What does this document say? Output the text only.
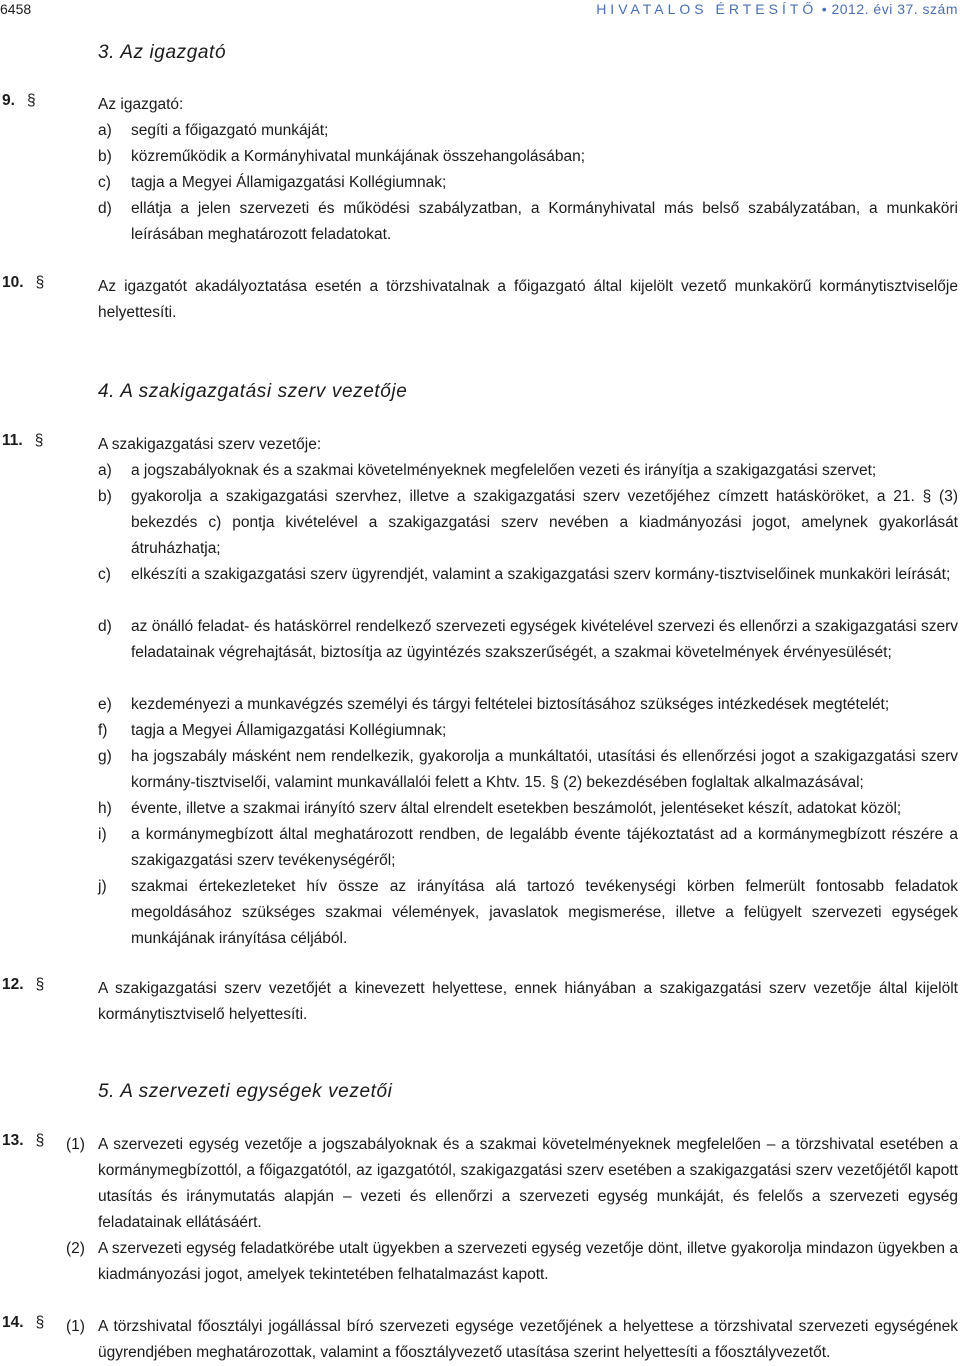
6458	HIVATALOS ÉRTESÍTŐ • 2012. évi 37. szám
3. Az igazgató
9. §	Az igazgató:
a) segíti a főigazgató munkáját;
b) közreműködik a Kormányhivatal munkájának összehangolásában;
c) tagja a Megyei Államigazgatási Kollégiumnak;
d) ellátja a jelen szervezeti és működési szabályzatban, a Kormányhivatal más belső szabályzatában, a munkaköri leírásában meghatározott feladatokat.
10. §	Az igazgatót akadályoztatása esetén a törzshivatalnak a főigazgató által kijelölt vezető munkakörű kormánytisztviselője helyettesíti.
4. A szakigazgatási szerv vezetője
11. §	A szakigazgatási szerv vezetője:
a) a jogszabályoknak és a szakmai követelményeknek megfelelően vezeti és irányítja a szakigazgatási szervet;
b) gyakorolja a szakigazgatási szervhez, illetve a szakigazgatási szerv vezetőjéhez címzett hatásköröket, a 21. § (3) bekezdés c) pontja kivételével a szakigazgatási szerv nevében a kiadmányozási jogot, amelynek gyakorlását átruházhatja;
c) elkészíti a szakigazgatási szerv ügyrendjét, valamint a szakigazgatási szerv kormány-tisztviselőinek munkaköri leírását;
d) az önálló feladat- és hatáskörrel rendelkező szervezeti egységek kivételével szervezi és ellenőrzi a szakigazgatási szerv feladatainak végrehajtását, biztosítja az ügyintézés szakszerűségét, a szakmai követelmények érvényesülését;
e) kezdeményezi a munkavégzés személyi és tárgyi feltételei biztosításához szükséges intézkedések megtételét;
f) tagja a Megyei Államigazgatási Kollégiumnak;
g) ha jogszabály másként nem rendelkezik, gyakorolja a munkáltatói, utasítási és ellenőrzési jogot a szakigazgatási szerv kormány-tisztviselői, valamint munkavállalói felett a Khtv. 15. § (2) bekezdésében foglaltak alkalmazásával;
h) évente, illetve a szakmai irányító szerv által elrendelt esetekben beszámolót, jelentéseket készít, adatokat közöl;
i) a kormánymegbízott által meghatározott rendben, de legalább évente tájékoztatást ad a kormánymegbízott részére a szakigazgatási szerv tevékenységéről;
j) szakmai értekezleteket hív össze az irányítása alá tartozó tevékenységi körben felmerült fontosabb feladatok megoldásához szükséges szakmai vélemények, javaslatok megismerése, illetve a felügyelt szervezeti egységek munkájának irányítása céljából.
12. §	A szakigazgatási szerv vezetőjét a kinevezett helyettese, ennek hiányában a szakigazgatási szerv vezetője által kijelölt kormánytisztviselő helyettesíti.
5. A szervezeti egységek vezetői
13. § (1) A szervezeti egység vezetője a jogszabályoknak és a szakmai követelményeknek megfelelően – a törzshivatal esetében a kormánymegbízottól, a főigazgatótól, az igazgatótól, szakigazgatási szerv esetében a szakigazgatási szerv vezetőjétől kapott utasítás és iránymutatás alapján – vezeti és ellenőrzi a szervezeti egység munkáját, és felelős a szervezeti egység feladatainak ellátásáért.
(2) A szervezeti egység feladatkörébe utalt ügyekben a szervezeti egység vezetője dönt, illetve gyakorolja mindazon ügyekben a kiadmányozási jogot, amelyek tekintetében felhatalmazást kapott.
14. § (1) A törzshivatal főosztályi jogállással bíró szervezeti egysége vezetőjének a helyettese a törzshivatal szervezeti egységének ügyrendjében meghatározottak, valamint a főosztályvezető utasítása szerint helyettesíti a főosztályvezetőt.
